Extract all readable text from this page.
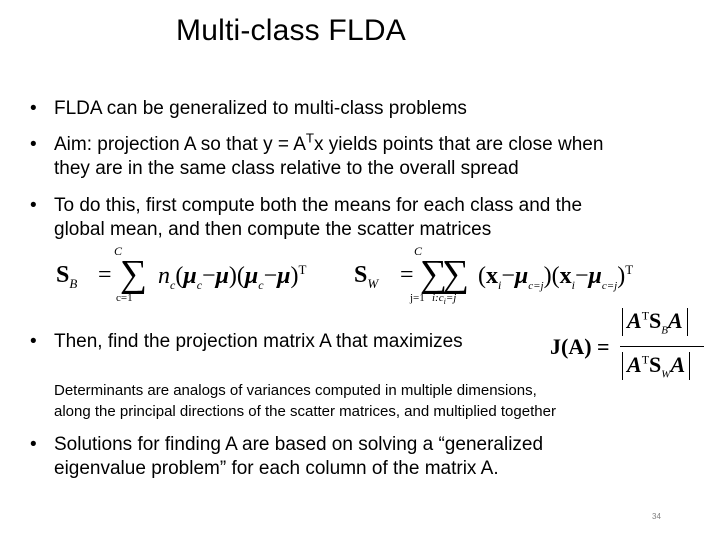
Multi-class FLDA
• FLDA can be generalized to multi-class problems
• Aim: projection A so that $y = A^Tx$ yields points that are close when
they are in the same class relative to the overall spread
• To do this, first compute both the means for each class and the
global mean, and then compute the scatter matrices
$S_B$ =
C
∑
c=1
$n_c(\mu_c-\mu)(\mu_c-\mu)^T$ $S_W$ =
C
∑
j=1
∑
$i:c_i=j$
$(x_i-\mu_{c=j})(x_i-\mu_{c=j})^T$
• Then, find the projection matrix A that maximizes	J(A) =
$A^TS_BA$
$A^TS_WA$
Determinants are analogs of variances computed in multiple dimensions,
along the principal directions of the scatter matrices, and multiplied together
• Solutions for finding A are based on solving a “generalized
eigenvalue problem” for each column of the matrix A.
34
